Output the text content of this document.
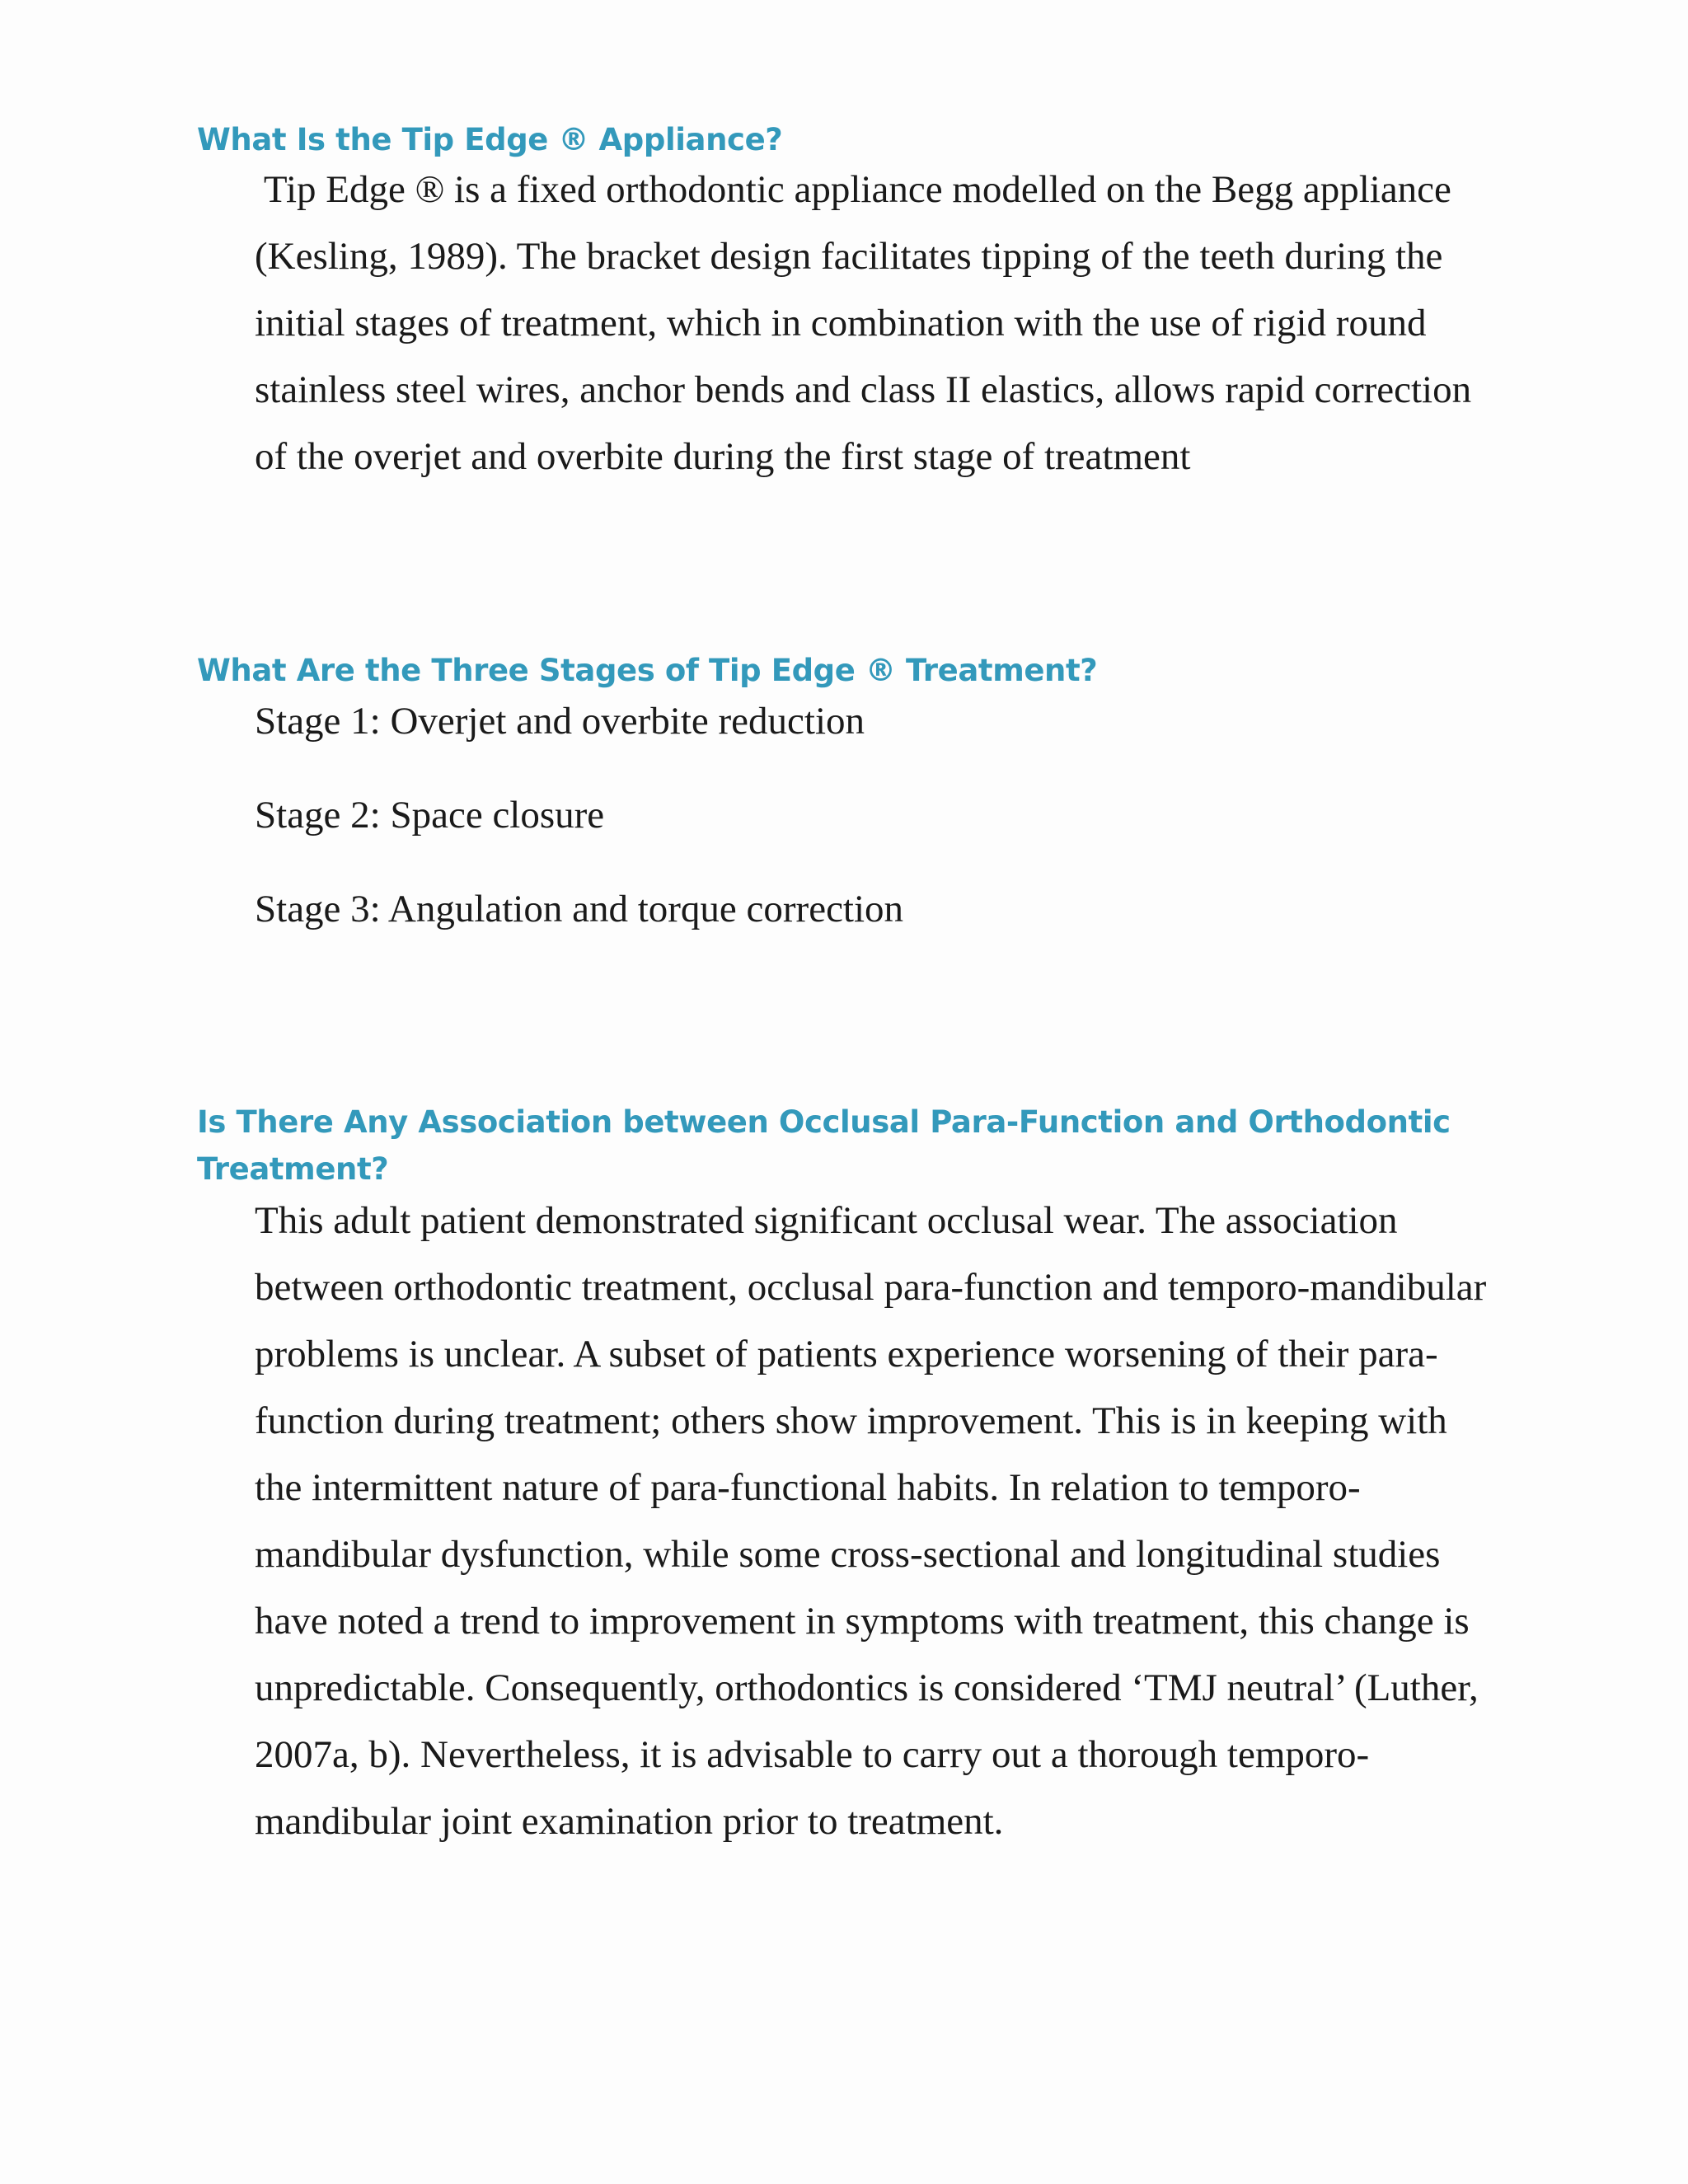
What Is the Tip Edge ® Appliance?

Tip Edge ® is a fixed orthodontic appliance modelled on the Begg appliance
(Kesling, 1989). The bracket design facilitates tipping of the teeth during the
initial stages of treatment, which in combination with the use of rigid round
stainless steel wires, anchor bends and class II elastics, allows rapid correction
of the overjet and overbite during the first stage of treatment

What Are the Three Stages of Tip Edge ® Treatment?

Stage 1: Overjet and overbite reduction

Stage 2: Space closure

Stage 3: Angulation and torque correction

Is There Any Association between Occlusal Para-Function and Orthodontic
Treatment?

This adult patient demonstrated significant occlusal wear. The association
between orthodontic treatment, occlusal para-function and temporo-mandibular
problems is unclear. A subset of patients experience worsening of their para-
function during treatment; others show improvement. This is in keeping with
the intermittent nature of para-functional habits. In relation to temporo-
mandibular dysfunction, while some cross-sectional and longitudinal studies
have noted a trend to improvement in symptoms with treatment, this change is
unpredictable. Consequently, orthodontics is considered ‘TMJ neutral’ (Luther,
2007a, b). Nevertheless, it is advisable to carry out a thorough temporo-
mandibular joint examination prior to treatment.
